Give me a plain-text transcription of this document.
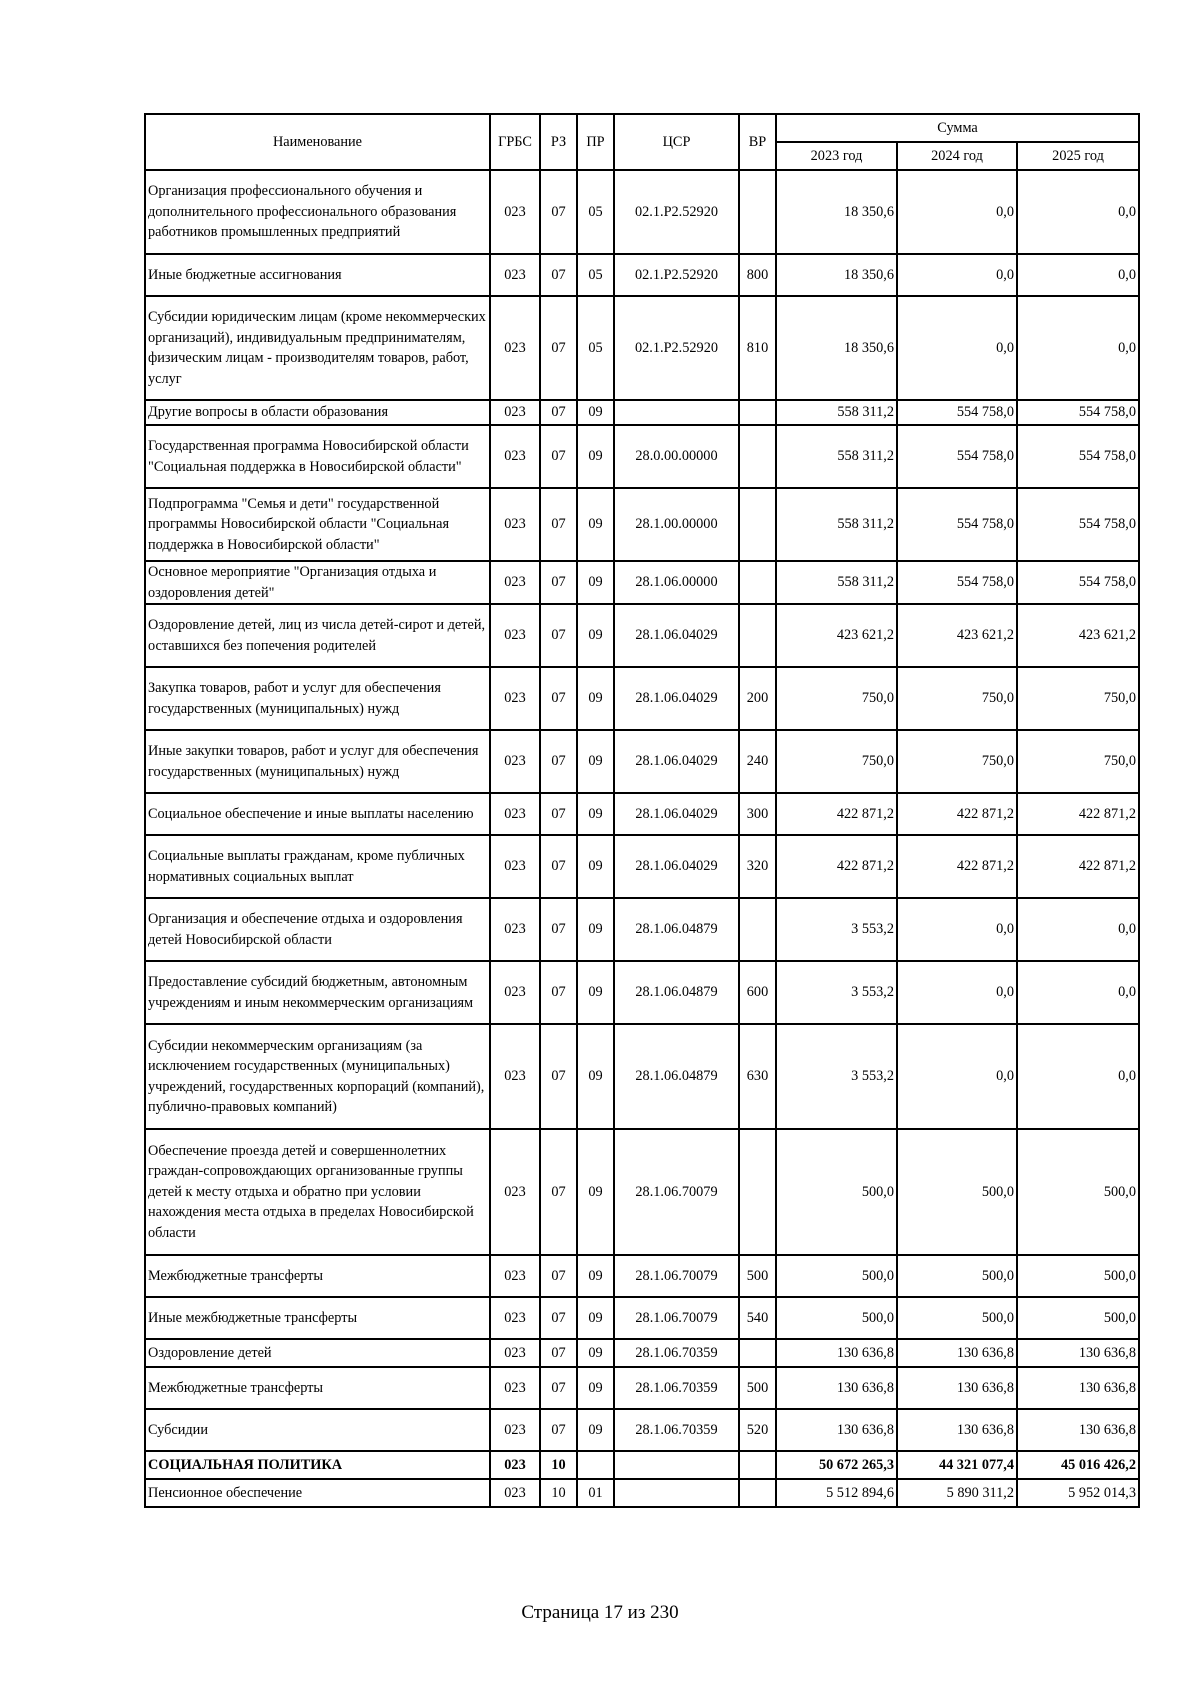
Наименование	ГРБС	РЗ	ПР	ЦСР	ВР	Сумма		
						2023 год	2024 год	2025 год
Организация профессионального обучения и дополнительного профессионального образования работников промышленных предприятий	023	07	05	02.1.Р2.52920		18 350,6	0,0	0,0
Иные бюджетные ассигнования	023	07	05	02.1.Р2.52920	800	18 350,6	0,0	0,0
Субсидии юридическим лицам (кроме некоммерческих организаций), индивидуальным предпринимателям, физическим лицам - производителям товаров, работ, услуг	023	07	05	02.1.Р2.52920	810	18 350,6	0,0	0,0
Другие вопросы в области образования	023	07	09			558 311,2	554 758,0	554 758,0
Государственная программа Новосибирской области "Социальная поддержка в Новосибирской области"	023	07	09	28.0.00.00000		558 311,2	554 758,0	554 758,0
Подпрограмма "Семья и дети" государственной программы Новосибирской области "Социальная поддержка в Новосибирской области"	023	07	09	28.1.00.00000		558 311,2	554 758,0	554 758,0
Основное мероприятие "Организация отдыха и оздоровления детей"	023	07	09	28.1.06.00000		558 311,2	554 758,0	554 758,0
Оздоровление детей, лиц из числа детей-сирот и детей, оставшихся без попечения родителей	023	07	09	28.1.06.04029		423 621,2	423 621,2	423 621,2
Закупка товаров, работ и услуг для обеспечения государственных (муниципальных) нужд	023	07	09	28.1.06.04029	200	750,0	750,0	750,0
Иные закупки товаров, работ и услуг для обеспечения государственных (муниципальных) нужд	023	07	09	28.1.06.04029	240	750,0	750,0	750,0
Социальное обеспечение и иные выплаты населению	023	07	09	28.1.06.04029	300	422 871,2	422 871,2	422 871,2
Социальные выплаты гражданам, кроме публичных нормативных социальных выплат	023	07	09	28.1.06.04029	320	422 871,2	422 871,2	422 871,2
Организация и обеспечение отдыха и оздоровления детей Новосибирской области	023	07	09	28.1.06.04879		3 553,2	0,0	0,0
Предоставление субсидий бюджетным, автономным учреждениям и иным некоммерческим организациям	023	07	09	28.1.06.04879	600	3 553,2	0,0	0,0
Субсидии некоммерческим организациям (за исключением государственных (муниципальных) учреждений, государственных корпораций (компаний), публично-правовых компаний)	023	07	09	28.1.06.04879	630	3 553,2	0,0	0,0
Обеспечение проезда детей и совершеннолетних граждан-сопровождающих организованные группы детей к месту отдыха и обратно при условии нахождения места отдыха в пределах Новосибирской области	023	07	09	28.1.06.70079		500,0	500,0	500,0
Межбюджетные трансферты	023	07	09	28.1.06.70079	500	500,0	500,0	500,0
Иные межбюджетные трансферты	023	07	09	28.1.06.70079	540	500,0	500,0	500,0
Оздоровление детей	023	07	09	28.1.06.70359		130 636,8	130 636,8	130 636,8
Межбюджетные трансферты	023	07	09	28.1.06.70359	500	130 636,8	130 636,8	130 636,8
Субсидии	023	07	09	28.1.06.70359	520	130 636,8	130 636,8	130 636,8
СОЦИАЛЬНАЯ ПОЛИТИКА	023	10				50 672 265,3	44 321 077,4	45 016 426,2
Пенсионное обеспечение	023	10	01			5 512 894,6	5 890 311,2	5 952 014,3
Страница 17 из 230
